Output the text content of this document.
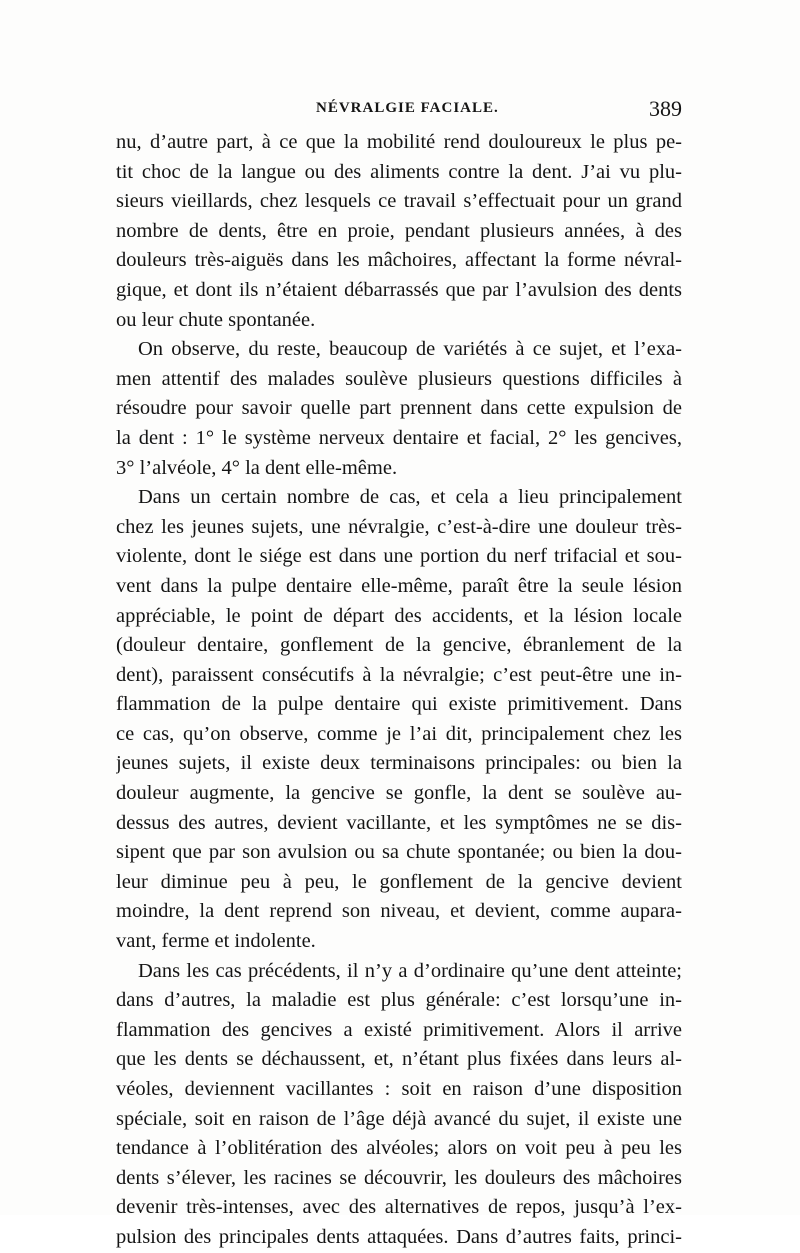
NÉVRALGIE FACIALE.	389
nu, d’autre part, à ce que la mobilité rend douloureux le plus pe-
tit choc de la langue ou des aliments contre la dent. J’ai vu plu-
sieurs vieillards, chez lesquels ce travail s’effectuait pour un grand
nombre de dents, être en proie, pendant plusieurs années, à des
douleurs très-aiguës dans les mâchoires, affectant la forme névral-
gique, et dont ils n’étaient débarrassés que par l’avulsion des dents
ou leur chute spontanée.
On observe, du reste, beaucoup de variétés à ce sujet, et l’exa-
men attentif des malades soulève plusieurs questions difficiles à
résoudre pour savoir quelle part prennent dans cette expulsion de
la dent : 1° le système nerveux dentaire et facial, 2° les gencives,
3° l’alvéole, 4° la dent elle-même.
Dans un certain nombre de cas, et cela a lieu principalement
chez les jeunes sujets, une névralgie, c’est-à-dire une douleur très-
violente, dont le siége est dans une portion du nerf trifacial et sou-
vent dans la pulpe dentaire elle-même, paraît être la seule lésion
appréciable, le point de départ des accidents, et la lésion locale
(douleur dentaire, gonflement de la gencive, ébranlement de la
dent), paraissent consécutifs à la névralgie; c’est peut-être une in-
flammation de la pulpe dentaire qui existe primitivement. Dans
ce cas, qu’on observe, comme je l’ai dit, principalement chez les
jeunes sujets, il existe deux terminaisons principales: ou bien la
douleur augmente, la gencive se gonfle, la dent se soulève au-
dessus des autres, devient vacillante, et les symptômes ne se dis-
sipent que par son avulsion ou sa chute spontanée; ou bien la dou-
leur diminue peu à peu, le gonflement de la gencive devient
moindre, la dent reprend son niveau, et devient, comme aupara-
vant, ferme et indolente.
Dans les cas précédents, il n’y a d’ordinaire qu’une dent atteinte;
dans d’autres, la maladie est plus générale: c’est lorsqu’une in-
flammation des gencives a existé primitivement. Alors il arrive
que les dents se déchaussent, et, n’étant plus fixées dans leurs al-
véoles, deviennent vacillantes : soit en raison d’une disposition
spéciale, soit en raison de l’âge déjà avancé du sujet, il existe une
tendance à l’oblitération des alvéoles; alors on voit peu à peu les
dents s’élever, les racines se découvrir, les douleurs des mâchoires
devenir très-intenses, avec des alternatives de repos, jusqu’à l’ex-
pulsion des principales dents attaquées. Dans d’autres faits, princi-
